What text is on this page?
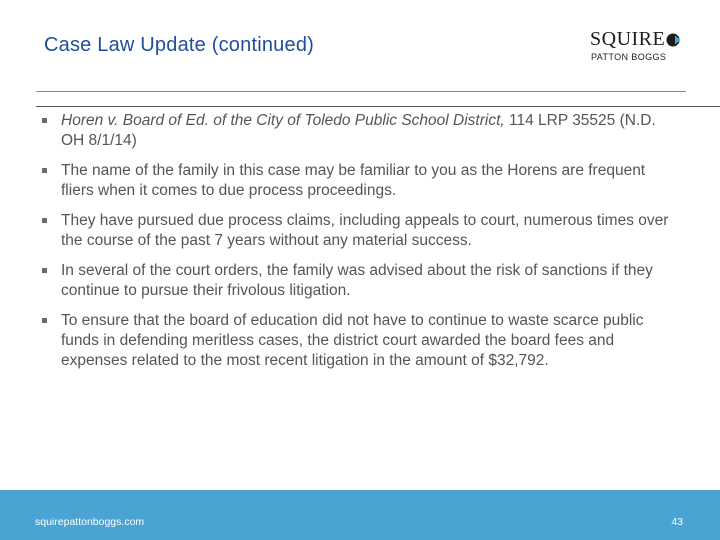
Case Law Update (continued)	SQUIRE
PATTON BOGGS
Horen v. Board of Ed. of the City of Toledo Public School District, 114 LRP 35525 (N.D. OH 8/1/14)
The name of the family in this case may be familiar to you as the Horens are frequent fliers when it comes to due process proceedings.
They have pursued due process claims, including appeals to court, numerous times over the course of the past 7 years without any material success.
In several of the court orders, the family was advised about the risk of sanctions if they continue to pursue their frivolous litigation.
To ensure that the board of education did not have to continue to waste scarce public funds in defending meritless cases, the district court awarded the board fees and expenses related to the most recent litigation in the amount of $32,792.
squirepattonboggs.com	43
